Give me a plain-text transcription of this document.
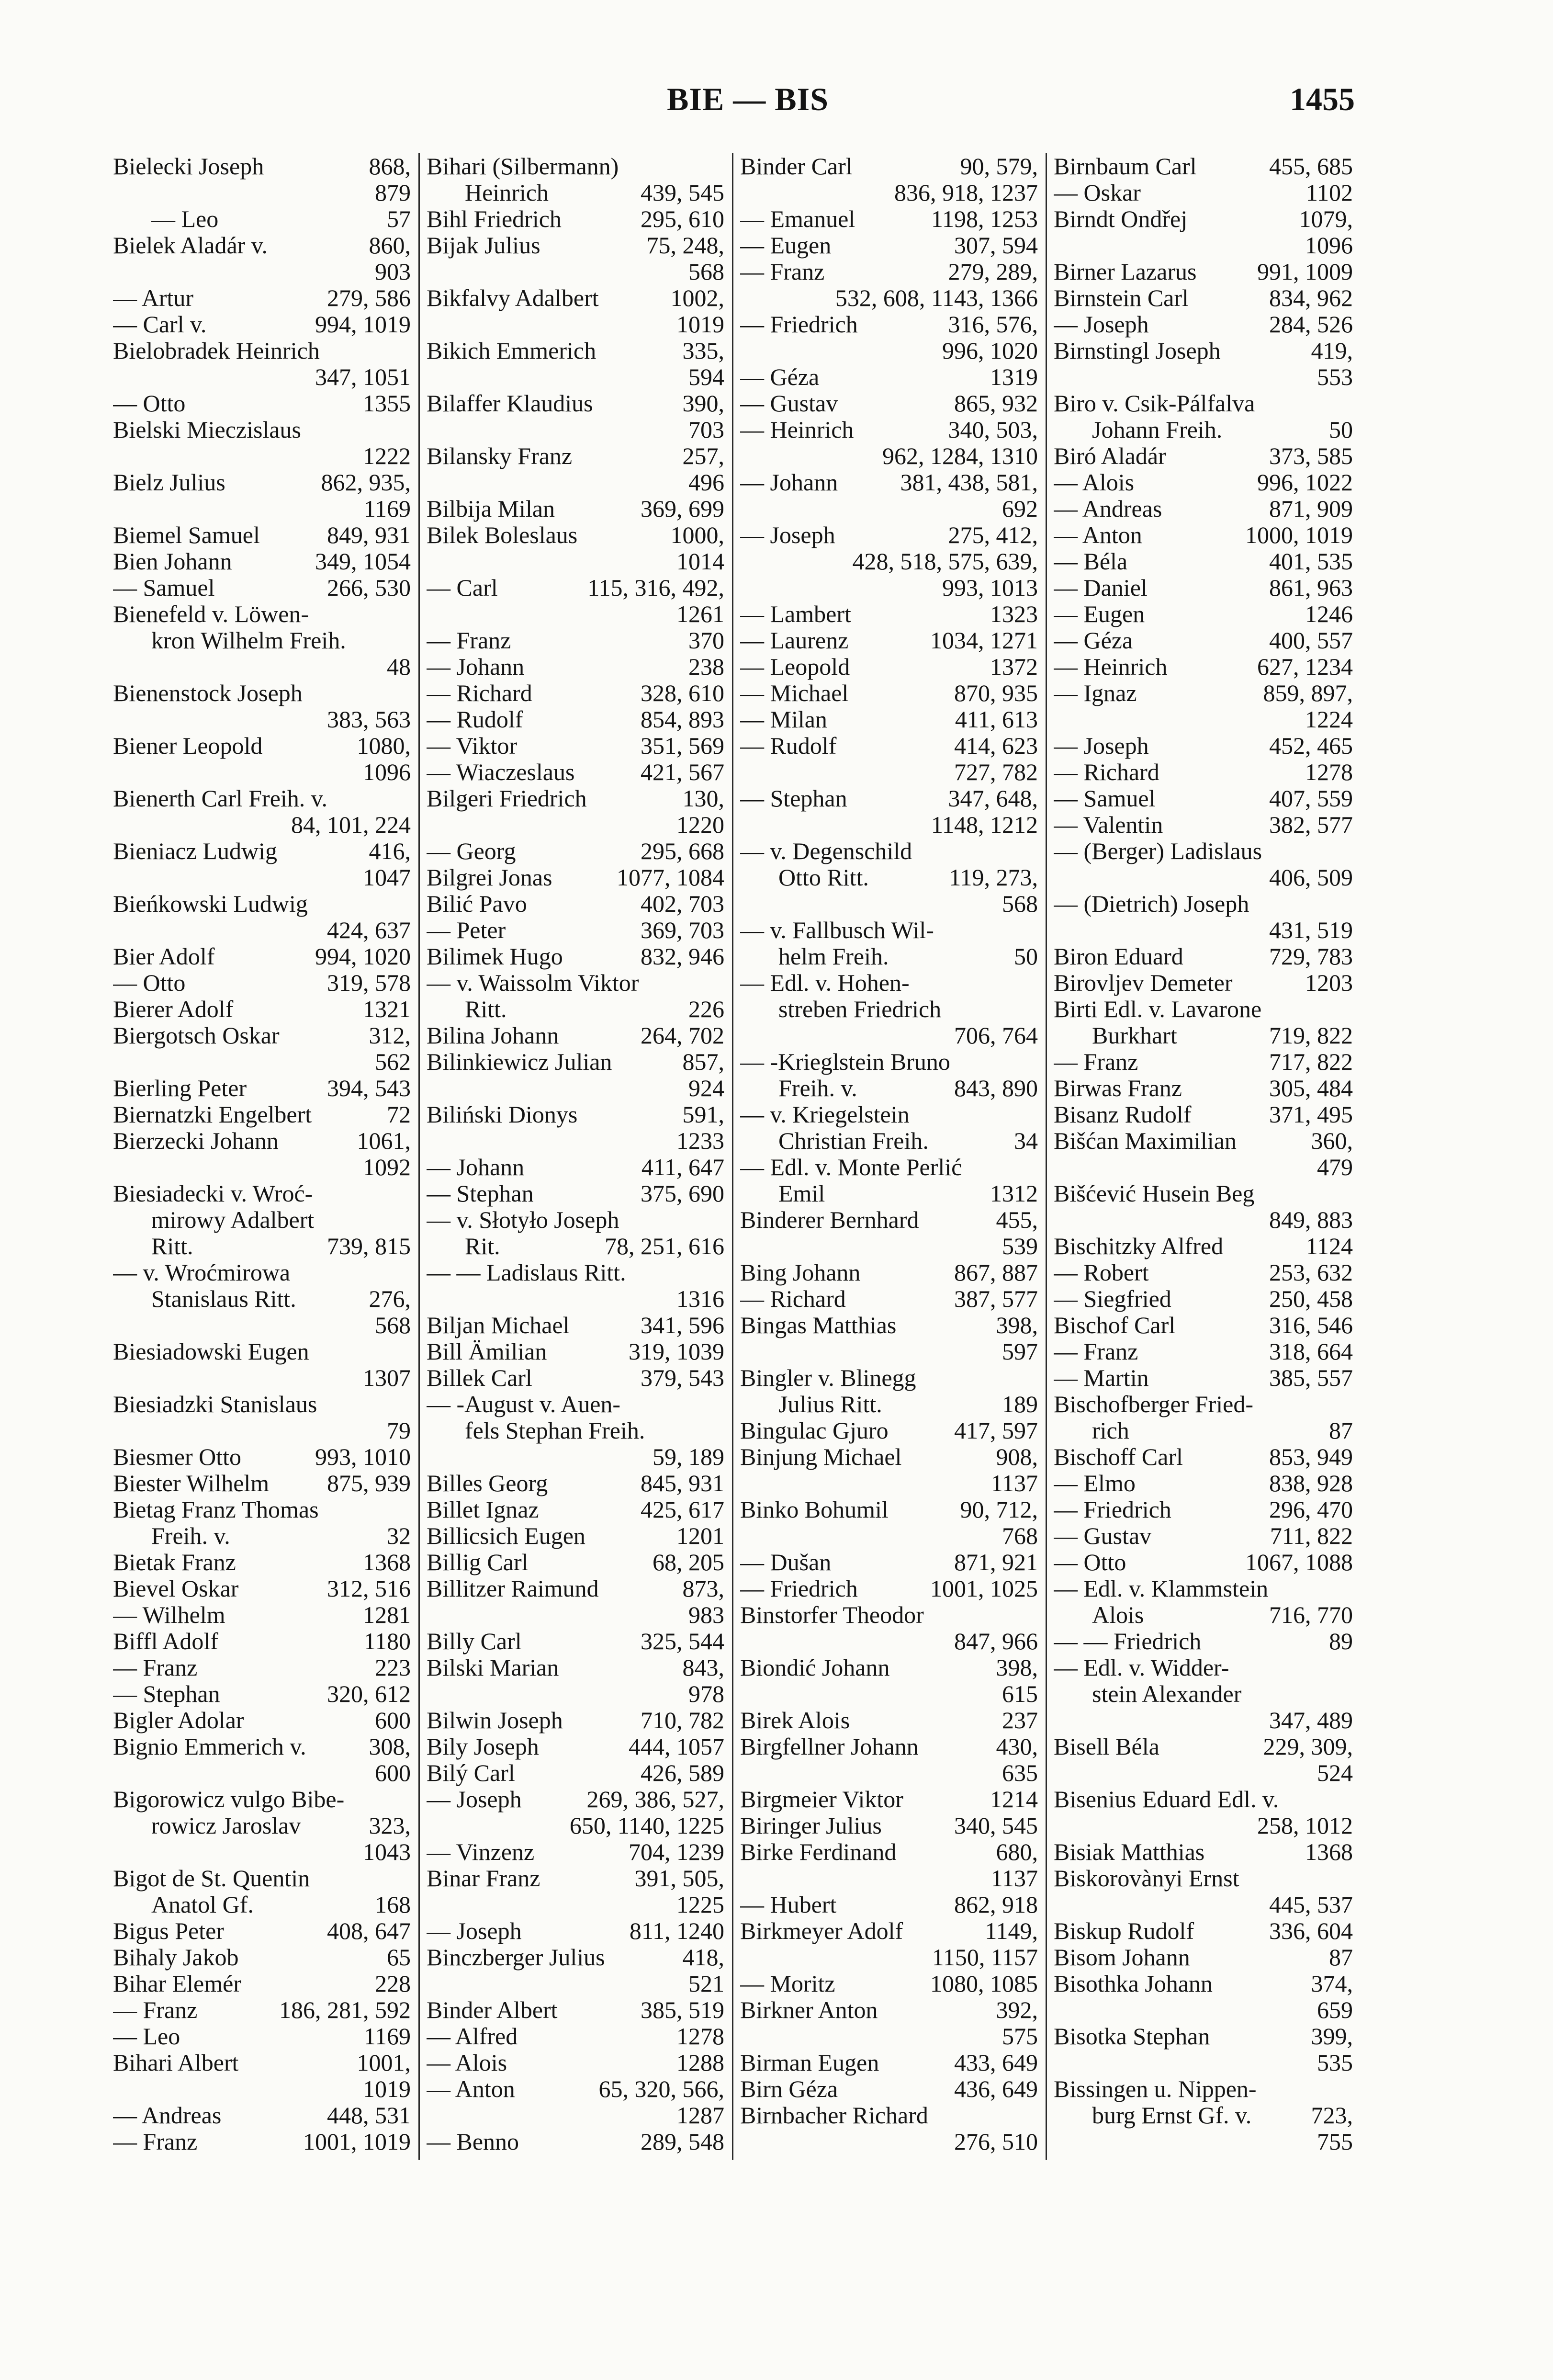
BIE — BIS	1455
Bielecki Joseph	868,
879
— Leo	57
Bielek Aladár v.	860,
903
— Artur	279, 586
— Carl v.	994, 1019
Bielobradek Heinrich
347, 1051
— Otto	1355
Bielski Mieczislaus
1222
Bielz Julius	862, 935,
1169
Biemel Samuel	849, 931
Bien Johann	349, 1054
— Samuel	266, 530
Bienefeld v. Löwen-
kron Wilhelm Freih.
48
Bienenstock Joseph
383, 563
Biener Leopold	1080,
1096
Bienerth Carl Freih. v.
84, 101, 224
Bieniacz Ludwig	416,
1047
Bieńkowski Ludwig
424, 637
Bier Adolf	994, 1020
— Otto	319, 578
Bierer Adolf	1321
Biergotsch Oskar	312,
562
Bierling Peter	394, 543
Biernatzki Engelbert	72
Bierzecki Johann	1061,
1092
Biesiadecki v. Wroć-
mirowy Adalbert
Ritt.	739, 815
— v. Wroćmirowa
Stanislaus Ritt.	276,
568
Biesiadowski Eugen
1307
Biesiadzki Stanislaus
79
Biesmer Otto	993, 1010
Biester Wilhelm	875, 939
Bietag Franz Thomas
Freih. v.	32
Bietak Franz	1368
Bievel Oskar	312, 516
— Wilhelm	1281
Biffl Adolf	1180
— Franz	223
— Stephan	320, 612
Bigler Adolar	600
Bignio Emmerich v.	308,
600
Bigorowicz vulgo Bibe-
rowicz Jaroslav	323,
1043
Bigot de St. Quentin
Anatol Gf.	168
Bigus Peter	408, 647
Bihaly Jakob	65
Bihar Elemér	228
— Franz	186, 281, 592
— Leo	1169
Bihari Albert	1001,
1019
— Andreas	448, 531
— Franz	1001, 1019
Bihari (Silbermann)
Heinrich	439, 545
Bihl Friedrich	295, 610
Bijak Julius	75, 248,
568
Bikfalvy Adalbert	1002,
1019
Bikich Emmerich	335,
594
Bilaffer Klaudius	390,
703
Bilansky Franz	257,
496
Bilbija Milan	369, 699
Bilek Boleslaus	1000,
1014
— Carl	115, 316, 492,
1261
— Franz	370
— Johann	238
— Richard	328, 610
— Rudolf	854, 893
— Viktor	351, 569
— Wiaczeslaus	421, 567
Bilgeri Friedrich	130,
1220
— Georg	295, 668
Bilgrei Jonas	1077, 1084
Bilić Pavo	402, 703
— Peter	369, 703
Bilimek Hugo	832, 946
— v. Waissolm Viktor
Ritt.	226
Bilina Johann	264, 702
Bilinkiewicz Julian	857,
924
Biliński Dionys	591,
1233
— Johann	411, 647
— Stephan	375, 690
— v. Słotyło Joseph
Rit.	78, 251, 616
— — Ladislaus Ritt.
1316
Biljan Michael	341, 596
Bill Ämilian	319, 1039
Billek Carl	379, 543
— -August v. Auen-
fels Stephan Freih.
59, 189
Billes Georg	845, 931
Billet Ignaz	425, 617
Billicsich Eugen	1201
Billig Carl	68, 205
Billitzer Raimund	873,
983
Billy Carl	325, 544
Bilski Marian	843,
978
Bilwin Joseph	710, 782
Bily Joseph	444, 1057
Bilý Carl	426, 589
— Joseph	269, 386, 527,
650, 1140, 1225
— Vinzenz	704, 1239
Binar Franz	391, 505,
1225
— Joseph	811, 1240
Binczberger Julius	418,
521
Binder Albert	385, 519
— Alfred	1278
— Alois	1288
— Anton	65, 320, 566,
1287
— Benno	289, 548
Binder Carl	90, 579,
836, 918, 1237
— Emanuel	1198, 1253
— Eugen	307, 594
— Franz	279, 289,
532, 608, 1143, 1366
— Friedrich	316, 576,
996, 1020
— Géza	1319
— Gustav	865, 932
— Heinrich	340, 503,
962, 1284, 1310
— Johann	381, 438, 581,
692
— Joseph	275, 412,
428, 518, 575, 639,
993, 1013
— Lambert	1323
— Laurenz	1034, 1271
— Leopold	1372
— Michael	870, 935
— Milan	411, 613
— Rudolf	414, 623
727, 782
— Stephan	347, 648,
1148, 1212
— v. Degenschild
Otto Ritt.	119, 273,
568
— v. Fallbusch Wil-
helm Freih.	50
— Edl. v. Hohen-
streben Friedrich
706, 764
— -Krieglstein Bruno
Freih. v.	843, 890
— v. Kriegelstein
Christian Freih.	34
— Edl. v. Monte Perlić
Emil	1312
Binderer Bernhard	455,
539
Bing Johann	867, 887
— Richard	387, 577
Bingas Matthias	398,
597
Bingler v. Blinegg
Julius Ritt.	189
Bingulac Gjuro	417, 597
Binjung Michael	908,
1137
Binko Bohumil	90, 712,
768
— Dušan	871, 921
— Friedrich	1001, 1025
Binstorfer Theodor
847, 966
Biondić Johann	398,
615
Birek Alois	237
Birgfellner Johann	430,
635
Birgmeier Viktor	1214
Biringer Julius	340, 545
Birke Ferdinand	680,
1137
— Hubert	862, 918
Birkmeyer Adolf	1149,
1150, 1157
— Moritz	1080, 1085
Birkner Anton	392,
575
Birman Eugen	433, 649
Birn Géza	436, 649
Birnbacher Richard
276, 510
Birnbaum Carl	455, 685
— Oskar	1102
Birndt Ondřej	1079,
1096
Birner Lazarus	991, 1009
Birnstein Carl	834, 962
— Joseph	284, 526
Birnstingl Joseph	419,
553
Biro v. Csik-Pálfalva
Johann Freih.	50
Biró Aladár	373, 585
— Alois	996, 1022
— Andreas	871, 909
— Anton	1000, 1019
— Béla	401, 535
— Daniel	861, 963
— Eugen	1246
— Géza	400, 557
— Heinrich	627, 1234
— Ignaz	859, 897,
1224
— Joseph	452, 465
— Richard	1278
— Samuel	407, 559
— Valentin	382, 577
— (Berger) Ladislaus
406, 509
— (Dietrich) Joseph
431, 519
Biron Eduard	729, 783
Birovljev Demeter	1203
Birti Edl. v. Lavarone
Burkhart	719, 822
— Franz	717, 822
Birwas Franz	305, 484
Bisanz Rudolf	371, 495
Bišćan Maximilian	360,
479
Bišćević Husein Beg
849, 883
Bischitzky Alfred	1124
— Robert	253, 632
— Siegfried	250, 458
Bischof Carl	316, 546
— Franz	318, 664
— Martin	385, 557
Bischofberger Fried-
rich	87
Bischoff Carl	853, 949
— Elmo	838, 928
— Friedrich	296, 470
— Gustav	711, 822
— Otto	1067, 1088
— Edl. v. Klammstein
Alois	716, 770
— — Friedrich	89
— Edl. v. Widder-
stein Alexander
347, 489
Bisell Béla	229, 309,
524
Bisenius Eduard Edl. v.
258, 1012
Bisiak Matthias	1368
Biskorovànyi Ernst
445, 537
Biskup Rudolf	336, 604
Bisom Johann	87
Bisothka Johann	374,
659
Bisotka Stephan	399,
535
Bissingen u. Nippen-
burg Ernst Gf. v.	723,
755
